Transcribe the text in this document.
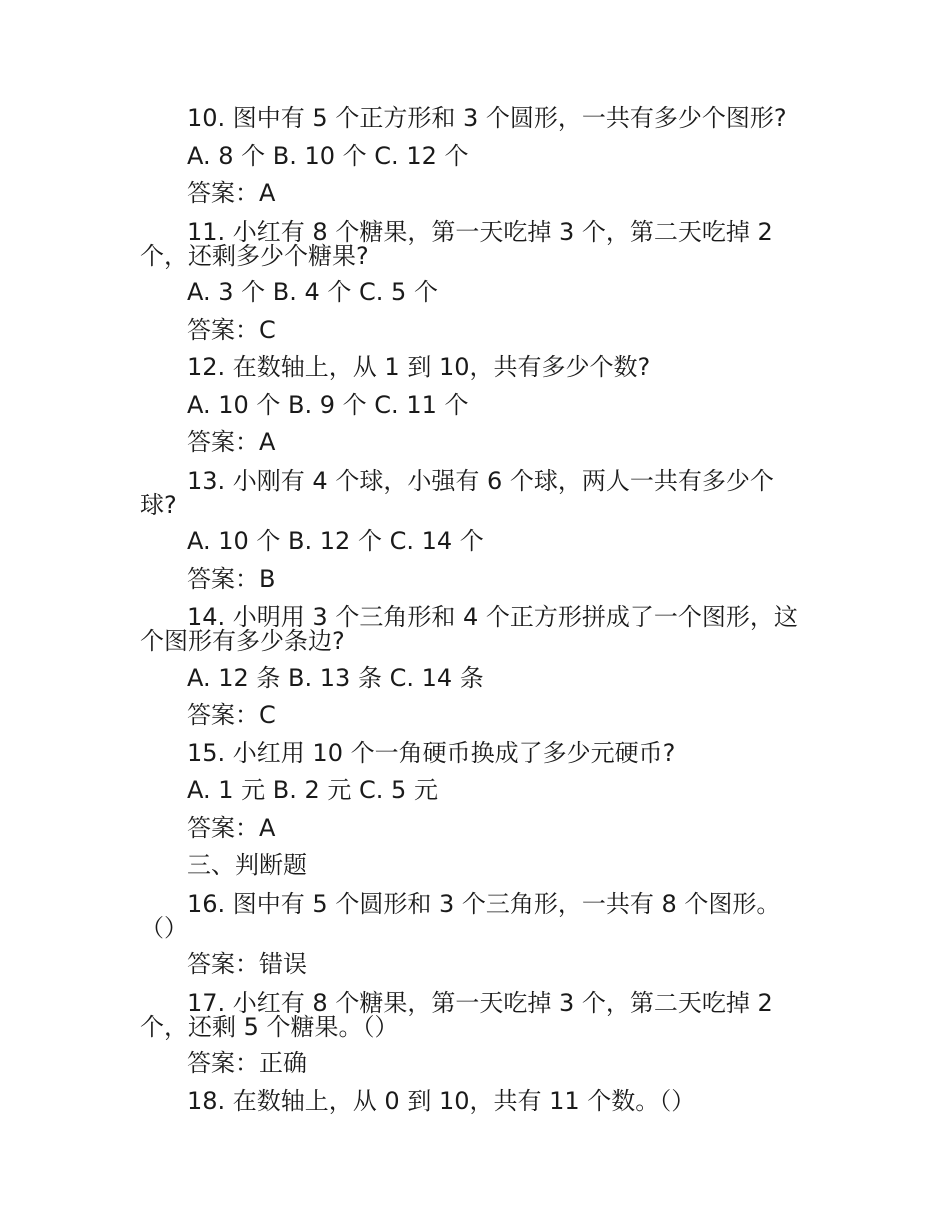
10. 图中有 5 个正方形和 3 个圆形，一共有多少个图形?

A. 8 个 B. 10 个 C. 12 个

答案：A

11. 小红有 8 个糖果，第一天吃掉 3 个，第二天吃掉 2
个，还剩多少个糖果?

A. 3 个 B. 4 个 C. 5 个

答案：C

12. 在数轴上，从 1 到 10，共有多少个数?

A. 10 个 B. 9 个 C. 11 个

答案：A

13. 小刚有 4 个球，小强有 6 个球，两人一共有多少个
球?

A. 10 个 B. 12 个 C. 14 个

答案：B

14. 小明用 3 个三角形和 4 个正方形拼成了一个图形，这
个图形有多少条边?

A. 12 条 B. 13 条 C. 14 条

答案：C

15. 小红用 10 个一角硬币换成了多少元硬币?

A. 1 元 B. 2 元 C. 5 元

答案：A

三、判断题

16. 图中有 5 个圆形和 3 个三角形，一共有 8 个图形。
（）

答案：错误

17. 小红有 8 个糖果，第一天吃掉 3 个，第二天吃掉 2
个，还剩 5 个糖果。（）

答案：正确

18. 在数轴上，从 0 到 10，共有 11 个数。（）
